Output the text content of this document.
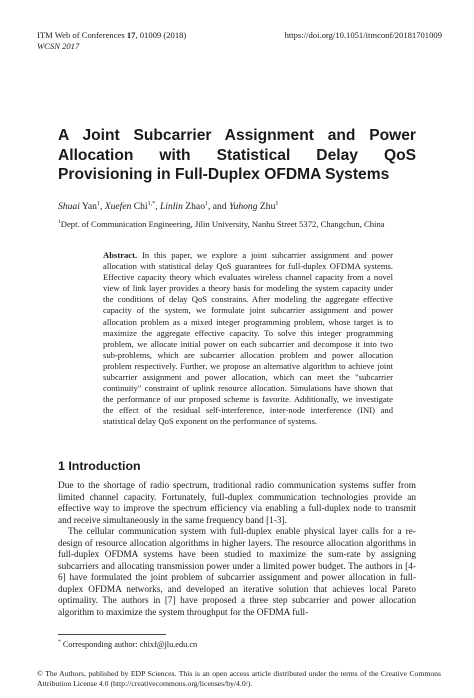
ITM Web of Conferences 17, 01009 (2018)
WCSN 2017
https://doi.org/10.1051/itmconf/20181701009
A Joint Subcarrier Assignment and Power Allocation with Statistical Delay QoS Provisioning in Full-Duplex OFDMA Systems
Shuai Yan$^1$, Xuefen Chi$^{1,*}$, Linlin Zhao$^1$, and Yuhong Zhu$^1$
$^1$Dept. of Communication Engineering, Jilin University, Nanhu Street 5372, Changchun, China

Abstract. In this paper, we explore a joint subcarrier assignment and power allocation with statistical delay QoS guarantees for full-duplex OFDMA systems. Effective capacity theory which evaluates wireless channel capacity from a novel view of link layer provides a theory basis for modeling the system capacity under the conditions of delay QoS constrains. After modeling the aggregate effective capacity of the system, we formulate joint subcarrier assignment and power allocation problem as a mixed integer programming problem, whose target is to maximize the aggregate effective capacity. To solve this integer programming problem, we allocate initial power on each subcarrier and decompose it into two sub-problems, which are subcarrier allocation problem and power allocation problem respectively. Further, we propose an alternative algorithm to achieve joint subcarrier assignment and power allocation, which can meet the "subcarrier continuity" constraint of uplink resource allocation. Simulations have shown that the performance of our proposed scheme is favorite. Additionally, we investigate the effect of the residual self-interference, inter-node interference (INI) and statistical delay QoS exponent on the performance of systems.

1 Introduction

Due to the shortage of radio spectrum, traditional radio communication systems suffer from limited channel capacity. Fortunately, full-duplex communication technologies provide an effective way to improve the spectrum efficiency via enabling a full-duplex node to transmit and receive simultaneously in the same frequency band [1-3].

The cellular communication system with full-duplex enable physical layer calls for a re-design of resource allocation algorithms in higher layers. The resource allocation algorithms in full-duplex OFDMA systems have been studied to maximize the sum-rate by assigning subcarriers and allocating transmission power under a limited power budget. The authors in [4-6] have formulated the joint problem of subcarrier assignment and power allocation in full-duplex OFDMA networks, and developed an iterative solution that achieves local Pareto optimality. The authors in [7] have proposed a three step subcarrier and power allocation algorithm to maximize the system throughput for the OFDMA full-

* Corresponding author: chixf@jlu.edu.cn
© The Authors, published by EDP Sciences. This is an open access article distributed under the terms of the Creative Commons Attribution License 4.0 (http://creativecommons.org/licenses/by/4.0/).
